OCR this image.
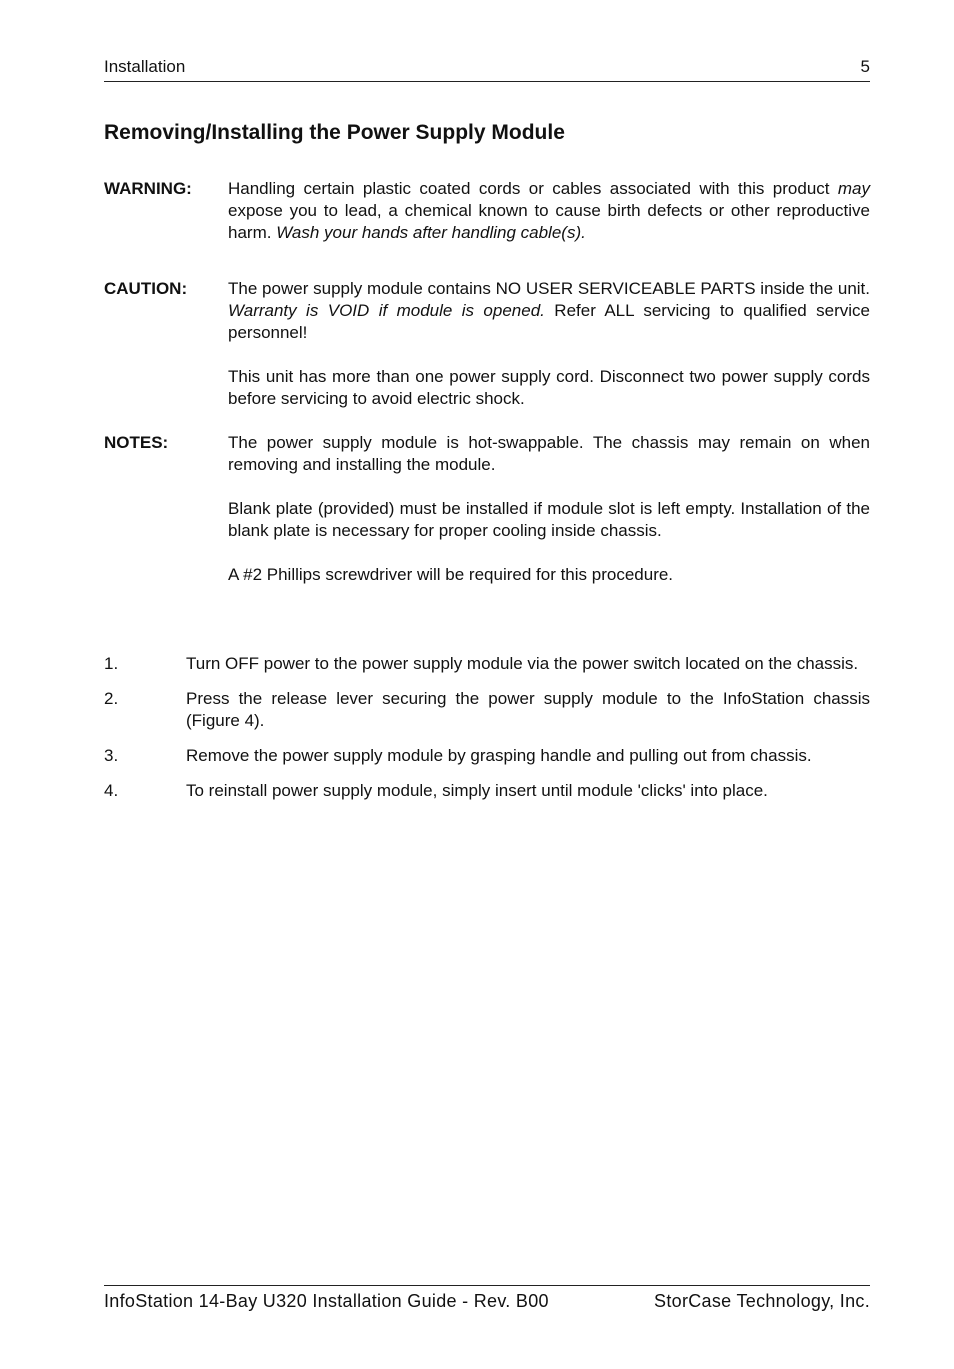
Installation	5
Removing/Installing the Power Supply Module
WARNING: Handling certain plastic coated cords or cables associated with this product may expose you to lead, a chemical known to cause birth defects or other reproductive harm. Wash your hands after handling cable(s).

CAUTION: The power supply module contains NO USER SERVICEABLE PARTS inside the unit. Warranty is VOID if module is opened. Refer ALL servicing to qualified service personnel!

This unit has more than one power supply cord. Disconnect two power supply cords before servicing to avoid electric shock.

NOTES:	The power supply module is hot-swappable. The chassis may remain on when removing and installing the module.

Blank plate (provided) must be installed if module slot is left empty. Installation of the blank plate is necessary for proper cooling inside chassis.

A #2 Phillips screwdriver will be required for this procedure.

1.	Turn OFF power to the power supply module via the power switch located on the chassis.
2.	Press the release lever securing the power supply module to the InfoStation chassis (Figure 4).
3.	Remove the power supply module by grasping handle and pulling out from chassis.
4.	To reinstall power supply module, simply insert until module 'clicks' into place.
InfoStation 14-Bay U320 Installation Guide - Rev. B00	StorCase Technology, Inc.
